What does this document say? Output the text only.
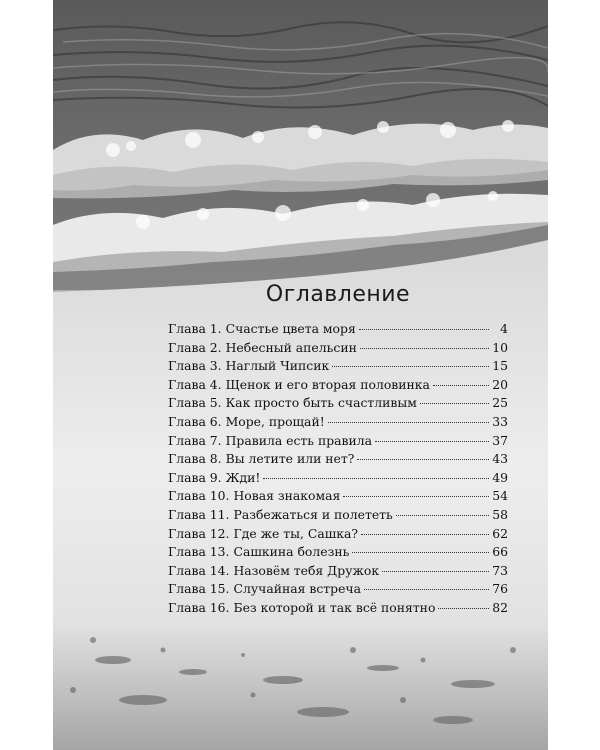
Оглавление
Глава 1. Счастье цвета моря	4
Глава 2. Небесный апельсин	10
Глава 3. Наглый Чипсик	15
Глава 4. Щенок и его вторая половинка	20
Глава 5. Как просто быть счастливым	25
Глава 6. Море, прощай!	33
Глава 7. Правила есть правила	37
Глава 8. Вы летите или нет?	43
Глава 9. Жди!	49
Глава 10. Новая знакомая	54
Глава 11. Разбежаться и полететь	58
Глава 12. Где же ты, Сашка?	62
Глава 13. Сашкина болезнь	66
Глава 14. Назовём тебя Дружок	73
Глава 15. Случайная встреча	76
Глава 16. Без которой и так всё понятно	82
